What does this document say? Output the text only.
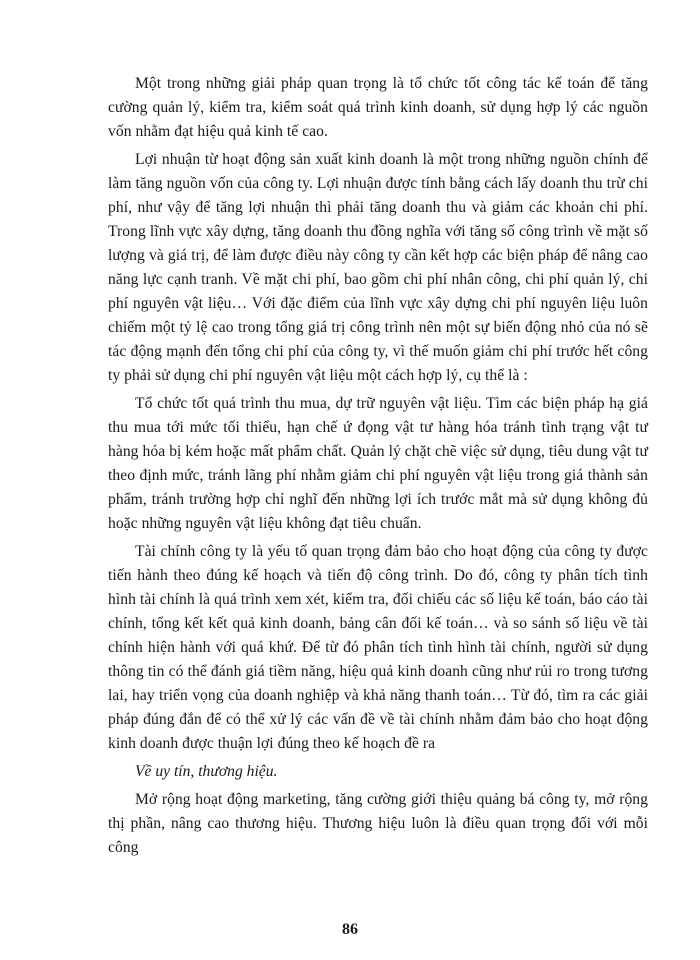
Một trong những giải pháp quan trọng là tổ chức tốt công tác kế toán để tăng cường quản lý, kiểm tra, kiểm soát quá trình kinh doanh, sử dụng hợp lý các nguồn vốn nhằm đạt hiệu quả kinh tế cao.

Lợi nhuận từ hoạt động sản xuất kinh doanh là một trong những nguồn chính để làm tăng nguồn vốn của công ty. Lợi nhuận được tính bằng cách lấy doanh thu trừ chi phí, như vậy để tăng lợi nhuận thì phải tăng doanh thu và giảm các khoản chi phí. Trong lĩnh vực xây dựng, tăng doanh thu đồng nghĩa với tăng số công trình về mặt số lượng và giá trị, để làm được điều này công ty cần kết hợp các biện pháp để nâng cao năng lực cạnh tranh. Về mặt chi phí, bao gồm chi phí nhân công, chi phí quản lý, chi phí nguyên vật liệu… Với đặc điểm của lĩnh vực xây dựng chi phí nguyên liệu luôn chiếm một tỷ lệ cao trong tổng giá trị công trình nên một sự biến động nhỏ của nó sẽ tác động mạnh đến tổng chi phí của công ty, vì thế muốn giảm chi phí trước hết công ty phải sử dụng chi phí nguyên vật liệu một cách hợp lý, cụ thể là :

Tổ chức tốt quá trình thu mua, dự trữ nguyên vật liệu. Tìm các biện pháp hạ giá thu mua tới mức tối thiểu, hạn chế ứ đọng vật tư hàng hóa tránh tình trạng vật tư hàng hóa bị kém hoặc mất phẩm chất. Quản lý chặt chẽ việc sử dụng, tiêu dung vật tư theo định mức, tránh lãng phí nhằm giảm chi phí nguyên vật liệu trong giá thành sản phẩm, tránh trường hợp chỉ nghĩ đến những lợi ích trước mắt mà sử dụng không đủ hoặc những nguyên vật liệu không đạt tiêu chuẩn.

Tài chính công ty là yếu tố quan trọng đảm bảo cho hoạt động của công ty được tiến hành theo đúng kế hoạch và tiến độ công trình. Do đó, công ty phân tích tình hình tài chính là quá trình xem xét, kiểm tra, đối chiếu các số liệu kế toán, báo cáo tài chính, tổng kết kết quả kinh doanh, bảng cân đối kế toán… và so sánh số liệu về tài chính hiện hành với quá khứ. Để từ đó phân tích tình hình tài chính, người sử dụng thông tin có thể đánh giá tiềm năng, hiệu quả kinh doanh cũng như rủi ro trong tương lai, hay triển vọng của doanh nghiệp và khả năng thanh toán… Từ đó, tìm ra các giải pháp đúng đắn để có thể xử lý các vấn đề về tài chính nhằm đảm bảo cho hoạt động kinh doanh được thuận lợi đúng theo kế hoạch đề ra

Về uy tín, thương hiệu.

Mở rộng hoạt động marketing, tăng cường giới thiệu quảng bá công ty, mở rộng thị phần, nâng cao thương hiệu. Thương hiệu luôn là điều quan trọng đối với mỗi công

86
